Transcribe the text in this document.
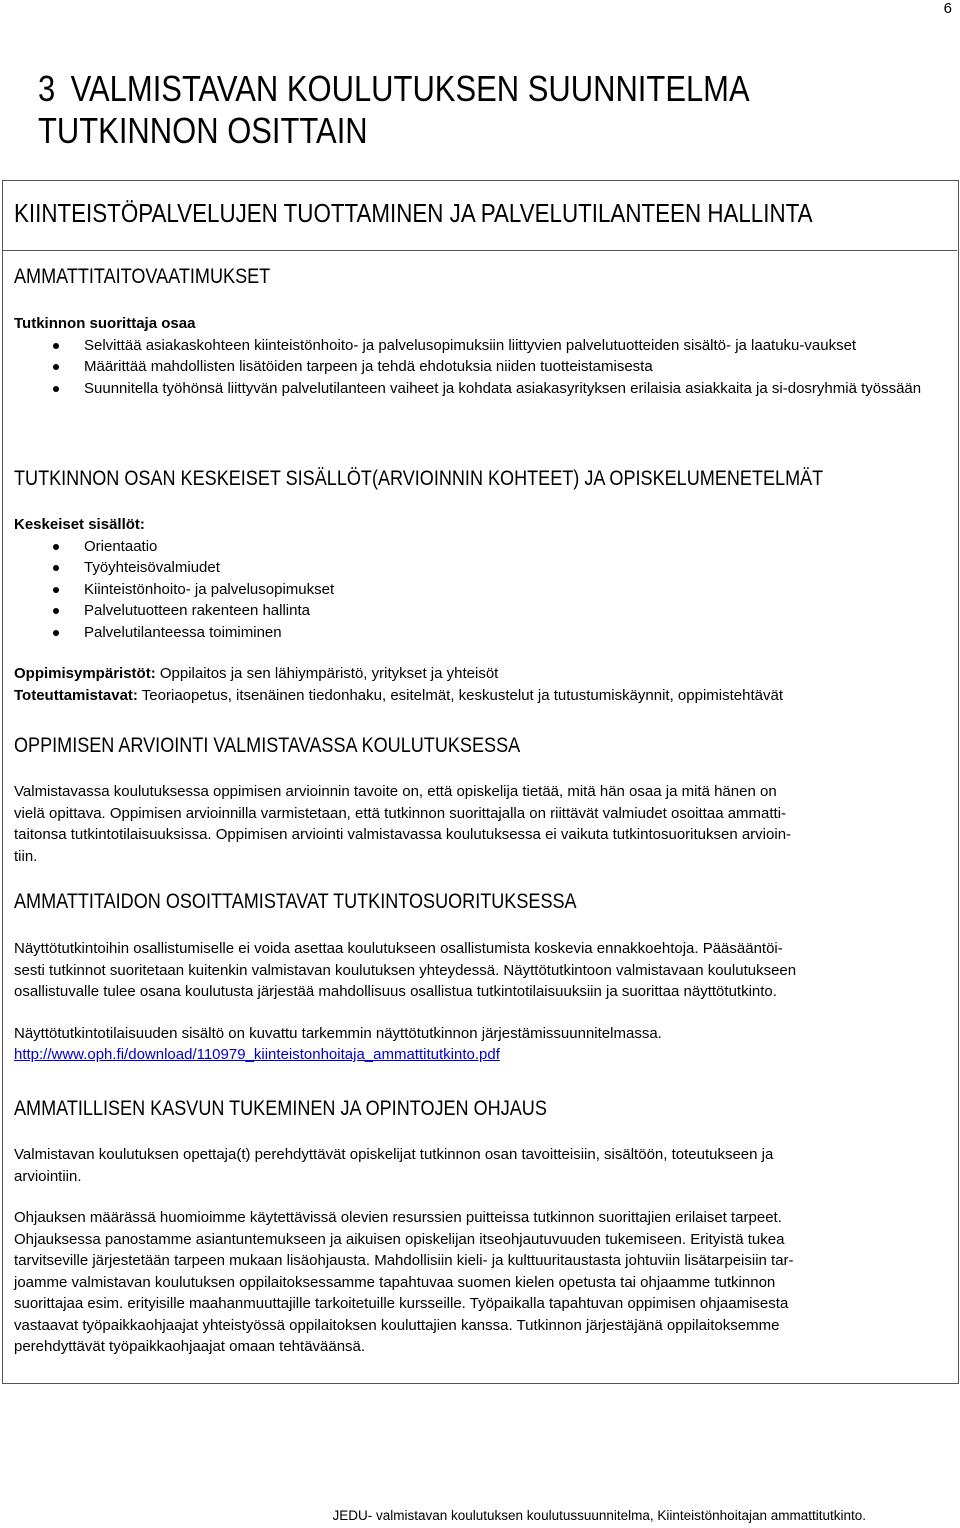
6
3 VALMISTAVAN KOULUTUKSEN SUUNNITELMA TUTKINNON OSITTAIN
KIINTEISTÖPALVELUJEN TUOTTAMINEN JA PALVELUTILANTEEN HALLINTA
AMMATTITAITOVAATIMUKSET

Tutkinnon suorittaja osaa

Selvittää asiakaskohteen kiinteistönhoito- ja palvelusopimuksiin liittyvien palvelutuotteiden sisältö- ja laatuku-vaukset
Määrittää mahdollisten lisätöiden tarpeen ja tehdä ehdotuksia niiden tuotteistamisesta
Suunnitella työhönsä liittyvän palvelutilanteen vaiheet ja kohdata asiakasyrityksen erilaisia asiakkaita ja si-dosryhmiä työssään
TUTKINNON OSAN KESKEISET SISÄLLÖT(ARVIOINNIN KOHTEET) JA OPISKELUMENETELMÄT

Keskeiset sisällöt:

Orientaatio
Työyhteisövalmiudet
Kiinteistönhoito- ja palvelusopimukset
Palvelutuotteen rakenteen hallinta
Palvelutilanteessa toimiminen

Oppimisympäristöt: Oppilaitos ja sen lähiympäristö, yritykset ja yhteisöt

Toteuttamistavat: Teoriaopetus, itsenäinen tiedonhaku, esitelmät, keskustelut ja tutustumiskäynnit, oppimistehtävät

OPPIMISEN ARVIOINTI VALMISTAVASSA KOULUTUKSESSA

Valmistavassa koulutuksessa oppimisen arvioinnin tavoite on, että opiskelija tietää, mitä hän osaa ja mitä hänen on

vielä opittava. Oppimisen arvioinnilla varmistetaan, että tutkinnon suorittajalla on riittävät valmiudet osoittaa ammatti-

taitonsa tutkintotilaisuuksissa. Oppimisen arviointi valmistavassa koulutuksessa ei vaikuta tutkintosuorituksen arvioin-

tiin.

AMMATTITAIDON OSOITTAMISTAVAT TUTKINTOSUORITUKSESSA

Näyttötutkintoihin osallistumiselle ei voida asettaa koulutukseen osallistumista koskevia ennakkoehtoja. Pääsääntöi-

sesti tutkinnot suoritetaan kuitenkin valmistavan koulutuksen yhteydessä. Näyttötutkintoon valmistavaan koulutukseen

osallistuvalle tulee osana koulutusta järjestää mahdollisuus osallistua tutkintotilaisuuksiin ja suorittaa näyttötutkinto.

Näyttötutkintotilaisuuden sisältö on kuvattu tarkemmin näyttötutkinnon järjestämissuunnitelmassa.

http://www.oph.fi/download/110979_kiinteistonhoitaja_ammattitutkinto.pdf

AMMATILLISEN KASVUN TUKEMINEN JA OPINTOJEN OHJAUS

Valmistavan koulutuksen opettaja(t) perehdyttävät opiskelijat tutkinnon osan tavoitteisiin, sisältöön, toteutukseen ja

arviointiin.

Ohjauksen määrässä huomioimme käytettävissä olevien resurssien puitteissa tutkinnon suorittajien erilaiset tarpeet.

Ohjauksessa panostamme asiantuntemukseen ja aikuisen opiskelijan itseohjautuvuuden tukemiseen. Erityistä tukea

tarvitseville järjestetään tarpeen mukaan lisäohjausta. Mahdollisiin kieli- ja kulttuuritaustasta johtuviin lisätarpeisiin tar-

joamme valmistavan koulutuksen oppilaitoksessamme tapahtuvaa suomen kielen opetusta tai ohjaamme tutkinnon

suorittajaa esim. erityisille maahanmuuttajille tarkoitetuille kursseille. Työpaikalla tapahtuvan oppimisen ohjaamisesta

vastaavat työpaikkaohjaajat yhteistyössä oppilaitoksen kouluttajien kanssa. Tutkinnon järjestäjänä oppilaitoksemme

perehdyttävät työpaikkaohjaajat omaan tehtäväänsä.

JEDU- valmistavan koulutuksen koulutussuunnitelma, Kiinteistönhoitajan ammattitutkinto.
